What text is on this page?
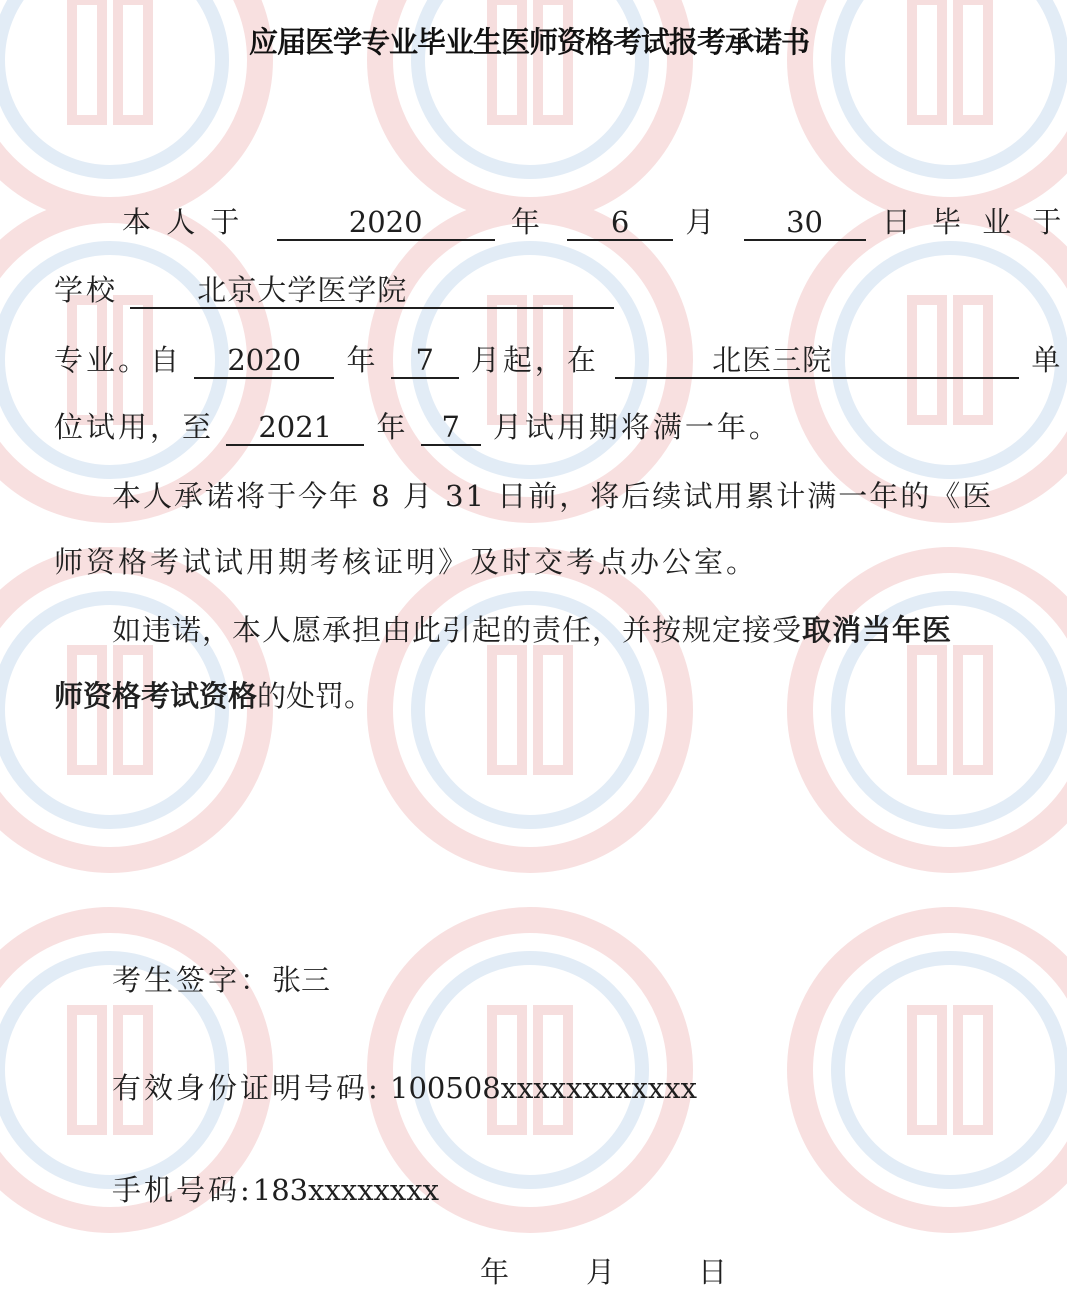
应届医学专业毕业生医师资格考试报考承诺书
本 人 于	2020	年 6 月 30 日 毕 业 于
学校	北京大学医学院
专业。自 2020 年 7 月起，在	北医三院	单
位试用，至 2021 年 7 月试用期将满一年。
本人承诺将于今年 8 月 31 日前，将后续试用累计满一年的《医
师资格考试试用期考核证明》及时交考点办公室。
如违诺，本人愿承担由此引起的责任，并按规定接受取消当年医
师资格考试资格的处罚。
考生签字：张三
有效身份证明号码: 100508xxxxxxxxxxxx
手机号码:183xxxxxxxx
年	月	日
